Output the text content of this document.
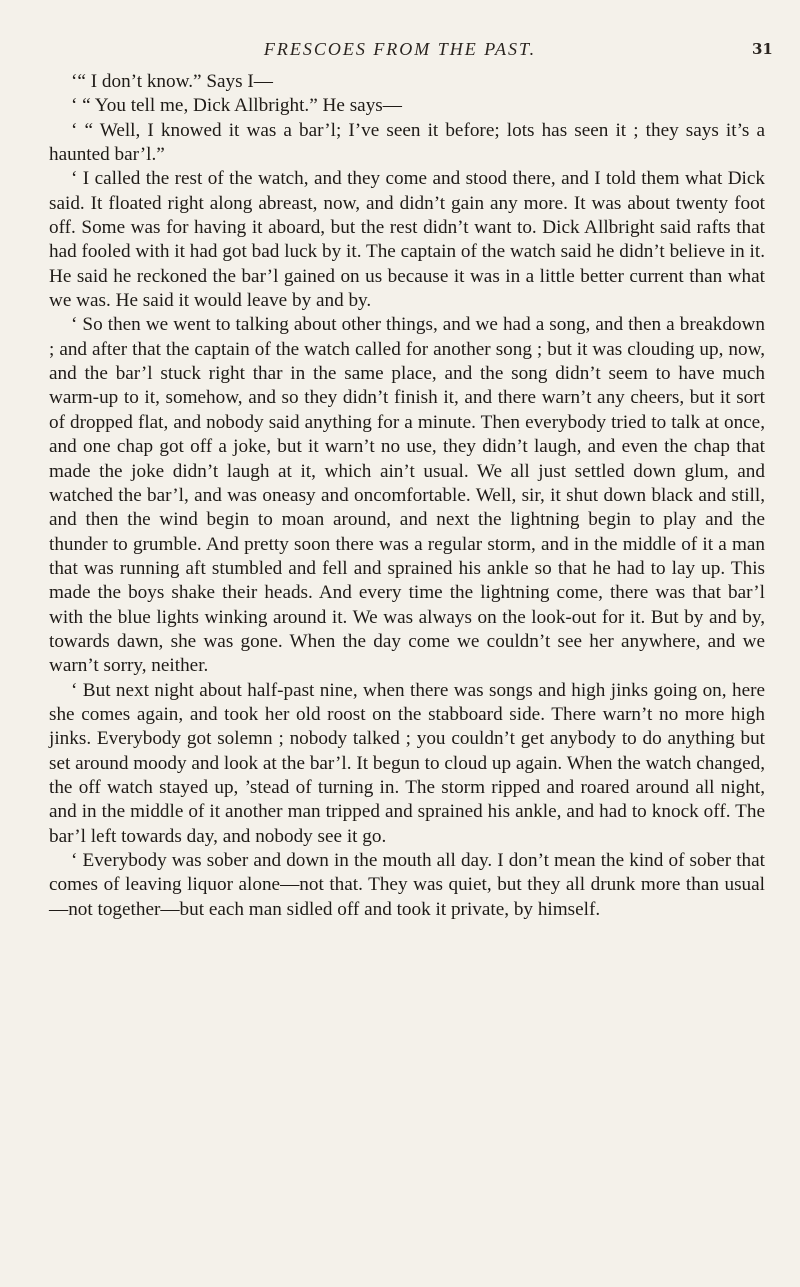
FRESCOES FROM THE PAST.	31

‘“ I don’t know.” Says I—

‘ “ You tell me, Dick Allbright.” He says—

‘ “ Well, I knowed it was a bar’l; I’ve seen it before; lots has seen it ; they says it’s a haunted bar’l.”

‘ I called the rest of the watch, and they come and stood there, and I told them what Dick said. It floated right along abreast, now, and didn’t gain any more. It was about twenty foot off. Some was for having it aboard, but the rest didn’t want to. Dick Allbright said rafts that had fooled with it had got bad luck by it. The captain of the watch said he didn’t believe in it. He said he reckoned the bar’l gained on us because it was in a little better current than what we was. He said it would leave by and by.

‘ So then we went to talking about other things, and we had a song, and then a breakdown ; and after that the captain of the watch called for another song ; but it was clouding up, now, and the bar’l stuck right thar in the same place, and the song didn’t seem to have much warm-up to it, somehow, and so they didn’t finish it, and there warn’t any cheers, but it sort of dropped flat, and nobody said anything for a minute. Then everybody tried to talk at once, and one chap got off a joke, but it warn’t no use, they didn’t laugh, and even the chap that made the joke didn’t laugh at it, which ain’t usual. We all just settled down glum, and watched the bar’l, and was oneasy and oncomfortable. Well, sir, it shut down black and still, and then the wind begin to moan around, and next the lightning begin to play and the thunder to grumble. And pretty soon there was a regular storm, and in the middle of it a man that was running aft stumbled and fell and sprained his ankle so that he had to lay up. This made the boys shake their heads. And every time the lightning come, there was that bar’l with the blue lights winking around it. We was always on the look-out for it. But by and by, towards dawn, she was gone. When the day come we couldn’t see her anywhere, and we warn’t sorry, neither.

‘ But next night about half-past nine, when there was songs and high jinks going on, here she comes again, and took her old roost on the stabboard side. There warn’t no more high jinks. Everybody got solemn ; nobody talked ; you couldn’t get anybody to do anything but set around moody and look at the bar’l. It begun to cloud up again. When the watch changed, the off watch stayed up, ’stead of turning in. The storm ripped and roared around all night, and in the middle of it another man tripped and sprained his ankle, and had to knock off. The bar’l left towards day, and nobody see it go.

‘ Everybody was sober and down in the mouth all day. I don’t mean the kind of sober that comes of leaving liquor alone—not that. They was quiet, but they all drunk more than usual—not together—but each man sidled off and took it private, by himself.
